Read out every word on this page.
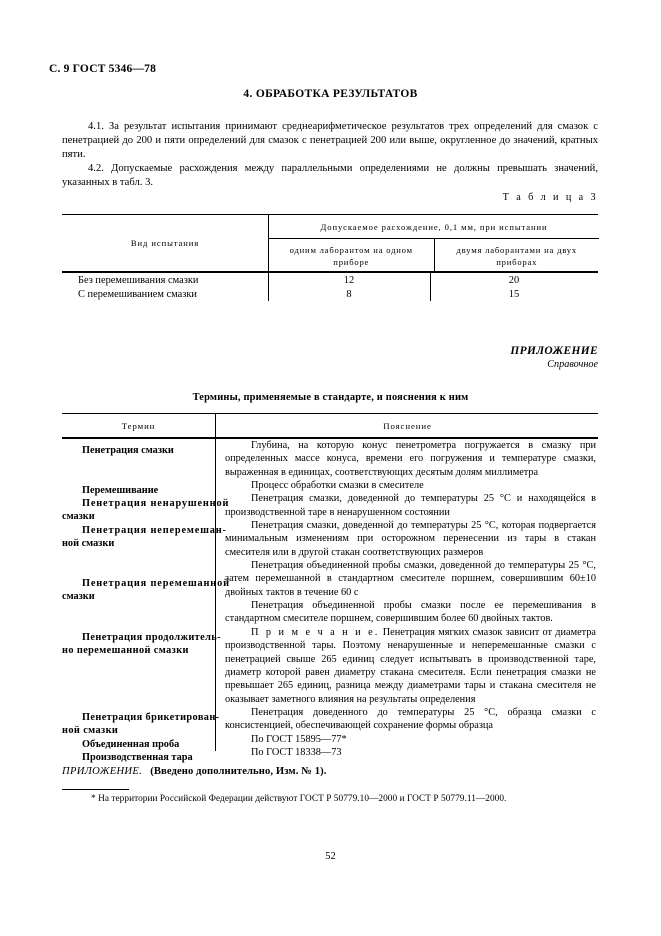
С. 9 ГОСТ 5346—78
4. ОБРАБОТКА РЕЗУЛЬТАТОВ

4.1. За результат испытания принимают среднеарифметическое результатов трех определений для смазок с пенетрацией до 200 и пяти определений для смазок с пенетрацией 200 или выше, округленное до значений, кратных пяти.

4.2. Допускаемые расхождения между параллельными определениями не должны превышать значений, указанных в табл. 3.

Т а б л и ц а 3
Вид испытания
Допускаемое расхождение, 0,1 мм, при испытании
одним лаборантом на одном приборе
двумя лаборантами на двух приборах
Без перемешивания смазки
С перемешиванием смазки
12
8
20
15
ПРИЛОЖЕНИЕ
Справочное
Термины, применяемые в стандарте, и пояснения к ним
Термин	Пояснение
Пенетрация смазки
Перемешивание
Пенетрация ненарушенной
смазки
Пенетрация неперемешан-
ной смазки
Пенетрация перемешанной
смазки
Пенетрация продолжитель-
но перемешанной смазки
Пенетрация брикетирован-
ной смазки
Объединенная проба
Производственная тара

Глубина, на которую конус пенетрометра погружается в смазку при определенных массе конуса, времени его погружения и температуре смазки, выраженная в единицах, соответствующих десятым долям миллиметра

Процесс обработки смазки в смесителе

Пенетрация смазки, доведенной до температуры 25 °С и находящейся в производственной таре в ненарушенном состоянии

Пенетрация смазки, доведенной до температуры 25 °С, которая подвергается минимальным изменениям при осторожном перенесении из тары в стакан смесителя или в другой стакан соответствующих размеров

Пенетрация объединенной пробы смазки, доведенной до температуры 25 °С, затем перемешанной в стандартном смесителе поршнем, совершившим 60±10 двойных тактов в течение 60 с

Пенетрация объединенной пробы смазки после ее перемешивания в стандартном смесителе поршнем, совершившим более 60 двойных тактов.

П р и м е ч а н и е. Пенетрация мягких смазок зависит от диаметра производственной тары. Поэтому ненарушенные и неперемешанные смазки с пенетрацией свыше 265 единиц следует испытывать в производственной таре, диаметр которой равен диаметру стакана смесителя. Если пенетрация смазки не превышает 265 единиц, разница между диаметрами тары и стакана смесителя не оказывает заметного влияния на результаты определения

Пенетрация доведенного до температуры 25 °С, образца смазки с консистенцией, обеспечивающей сохранение формы образца

По ГОСТ 15895—77*

По ГОСТ 18338—73

ПРИЛОЖЕНИЕ.   (Введено дополнительно, Изм. № 1).
* На территории Российской Федерации действуют ГОСТ Р 50779.10—2000 и ГОСТ Р 50779.11—2000.
52
